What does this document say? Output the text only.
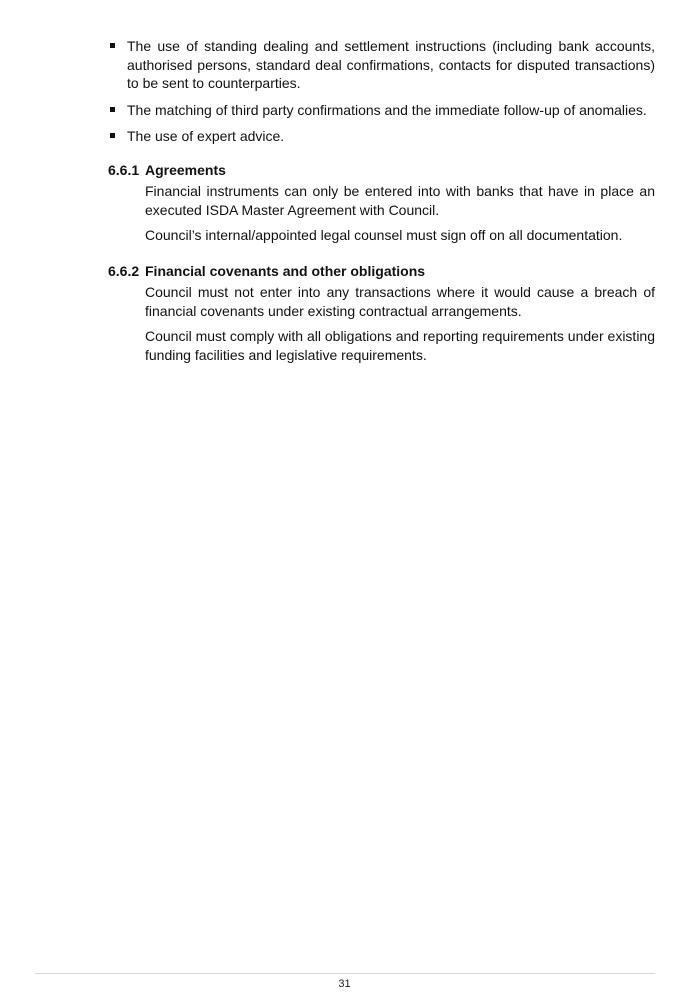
The use of standing dealing and settlement instructions (including bank accounts, authorised persons, standard deal confirmations, contacts for disputed transactions) to be sent to counterparties.
The matching of third party confirmations and the immediate follow-up of anomalies.
The use of expert advice.
6.6.1 Agreements

Financial instruments can only be entered into with banks that have in place an executed ISDA Master Agreement with Council.

Council’s internal/appointed legal counsel must sign off on all documentation.

6.6.2 Financial covenants and other obligations

Council must not enter into any transactions where it would cause a breach of financial covenants under existing contractual arrangements.

Council must comply with all obligations and reporting requirements under existing funding facilities and legislative requirements.

31
